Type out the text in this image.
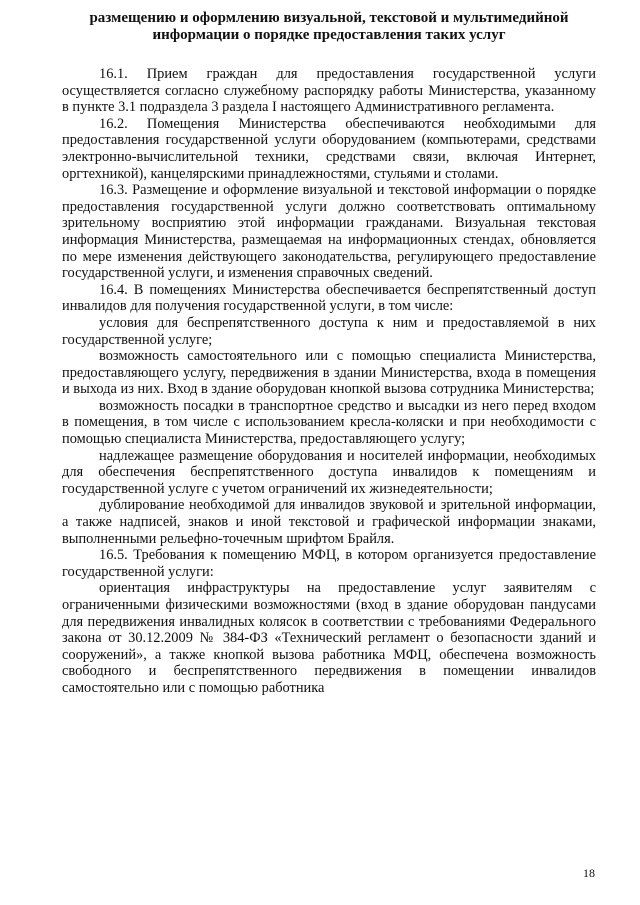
размещению и оформлению визуальной, текстовой и мультимедийной
информации о порядке предоставления таких услуг

16.1. Прием граждан для предоставления государственной услуги осуществляется согласно служебному распорядку работы Министерства, указанному в пункте 3.1 подраздела 3 раздела I настоящего Административного регламента.

16.2. Помещения Министерства обеспечиваются необходимыми для предоставления государственной услуги оборудованием (компьютерами, средствами электронно-вычислительной техники, средствами связи, включая Интернет, оргтехникой), канцелярскими принадлежностями, стульями и столами.

16.3. Размещение и оформление визуальной и текстовой информации о порядке предоставления государственной услуги должно соответствовать оптимальному зрительному восприятию этой информации гражданами. Визуальная текстовая информация Министерства, размещаемая на информационных стендах, обновляется по мере изменения действующего законодательства, регулирующего предоставление государственной услуги, и изменения справочных сведений.

16.4. В помещениях Министерства обеспечивается беспрепятственный доступ инвалидов для получения государственной услуги, в том числе:

условия для беспрепятственного доступа к ним и предоставляемой в них государственной услуге;

возможность самостоятельного или с помощью специалиста Министерства, предоставляющего услугу, передвижения в здании Министерства, входа в помещения и выхода из них. Вход в здание оборудован кнопкой вызова сотрудника Министерства;

возможность посадки в транспортное средство и высадки из него перед входом в помещения, в том числе с использованием кресла-коляски и при необходимости с помощью специалиста Министерства, предоставляющего услугу;

надлежащее размещение оборудования и носителей информации, необходимых для обеспечения беспрепятственного доступа инвалидов к помещениям и государственной услуге с учетом ограничений их жизнедеятельности;

дублирование необходимой для инвалидов звуковой и зрительной информации, а также надписей, знаков и иной текстовой и графической информации знаками, выполненными рельефно-точечным шрифтом Брайля.

16.5. Требования к помещению МФЦ, в котором организуется предоставление государственной услуги:

ориентация инфраструктуры на предоставление услуг заявителям с ограниченными физическими возможностями (вход в здание оборудован пандусами для передвижения инвалидных колясок в соответствии с требованиями Федерального закона от 30.12.2009 № 384-ФЗ «Технический регламент о безопасности зданий и сооружений», а также кнопкой вызова работника МФЦ, обеспечена возможность свободного и беспрепятственного передвижения в помещении инвалидов самостоятельно или с помощью работника

18
